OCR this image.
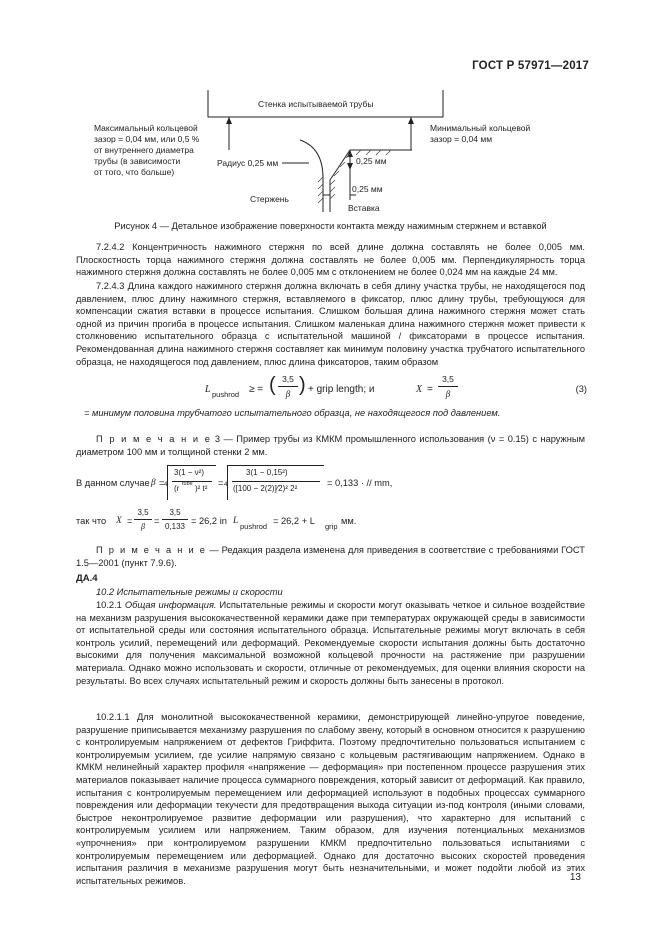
ГОСТ Р 57971—2017
Стенка испытываемой трубы
Максимальный кольцевой
зазор = 0,04 мм, или 0,5 %
от внутреннего диаметра
трубы (в зависимости
от того, что больше)
Минимальный кольцевой
зазор = 0,04 мм
Радиус 0,25 мм	0,25 мм
0,25 мм
Стержень
Вставка
Рисунок 4 — Детальное изображение поверхности контакта между нажимным стержнем и вставкой
7.2.4.2 Концентричность нажимного стержня по всей длине должна составлять не более 0,005 мм. Плоскостность торца нажимного стержня должна составлять не более 0,005 мм. Перпендикулярность торца нажимного стержня должна составлять не более 0,005 мм с отклонением не более 0,024 мм на каждые 24 мм.
7.2.4.3 Длина каждого нажимного стержня должна включать в себя длину участка трубы, не находящегося под давлением, плюс длину нажимного стержня, вставляемого в фиксатор, плюс длину трубы, требующуюся для компенсации сжатия вставки в процессе испытания. Слишком большая длина нажимного стержня может стать одной из причин прогиба в процессе испытания. Слишком маленькая длина нажимного стержня может привести к столкновению испытательного образца с испытательной машиной / фиксаторами в процессе испытания. Рекомендованная длина нажимного стержня составляет как минимум половину участка трубчатого испытательного образца, не находящегося под давлением, плюс длина фиксаторов, таким образом
L pushrod ≥ = ( 3,5
β ) + grip length; и	X =
3,5
β	(3)
= минимум половина трубчатого испытательного образца, не находящегося под давлением.
П р и м е ч а н и е 3 — Пример трубы из КМКМ промышленного использования (ν = 0.15) с наружным диаметром 100 мм и толщиной стенки 2 мм.
В данном случае β = 4
3(1 − ν²)
(r tube )² t²
= 4
3(1 − 0,15²)
([100 − 2(2)]⁄2)² 2²
= 0,133 · // mm,
так что X =
3,5
β
=
3,5
0,133
= 26,2 in L
pushrod
= 26,2 + L
grip
мм.
П р и м е ч а н и е — Редакция раздела изменена для приведения в соответствие с требованиями ГОСТ 1.5—2001 (пункт 7.9.6).
ДА.4
10.2 Испытательные режимы и скорости
10.2.1 Общая информация. Испытательные режимы и скорости могут оказывать четкое и сильное воздействие на механизм разрушения высококачественной керамики даже при температурах окружающей среды в зависимости от испытательной среды или состояния испытательного образца. Испытательные режимы могут включать в себя контроль усилий, перемещений или деформаций. Рекомендуемые скорости испытания должны быть достаточно высокими для получения максимальной возможной кольцевой прочности на растяжение при разрушении материала. Однако можно использовать и скорости, отличные от рекомендуемых, для оценки влияния скорости на результаты. Во всех случаях испытательный режим и скорость должны быть занесены в протокол.
10.2.1.1 Для монолитной высококачественной керамики, демонстрирующей линейно-упругое поведение, разрушение приписывается механизму разрушения по слабому звену, который в основном относится к разрушению с контролируемым напряжением от дефектов Гриффита. Поэтому предпочтительно пользоваться испытанием с контролируемым усилием, где усилие напрямую связано с кольцевым растягивающим напряжением. Однако в КМКМ нелинейный характер профиля «напряжение — деформация» при постепенном процессе разрушения этих материалов показывает наличие процесса суммарного повреждения, который зависит от деформаций. Как правило, испытания с контролируемым перемещением или деформацией используют в подобных процессах суммарного повреждения или деформации текучести для предотвращения выхода ситуации из-под контроля (иными словами, быстрое неконтролируемое развитие деформации или разрушения), что характерно для испытаний с контролируемым усилием или напряжением. Таким образом, для изучения потенциальных механизмов «упрочнения» при контролируемом разрушении КМКМ предпочтительно пользоваться испытаниями с контролируемым перемещением или деформацией. Однако для достаточно высоких скоростей проведения испытания различия в механизме разрушения могут быть незначительными, и может подойти любой из этих испытательных режимов.	13
